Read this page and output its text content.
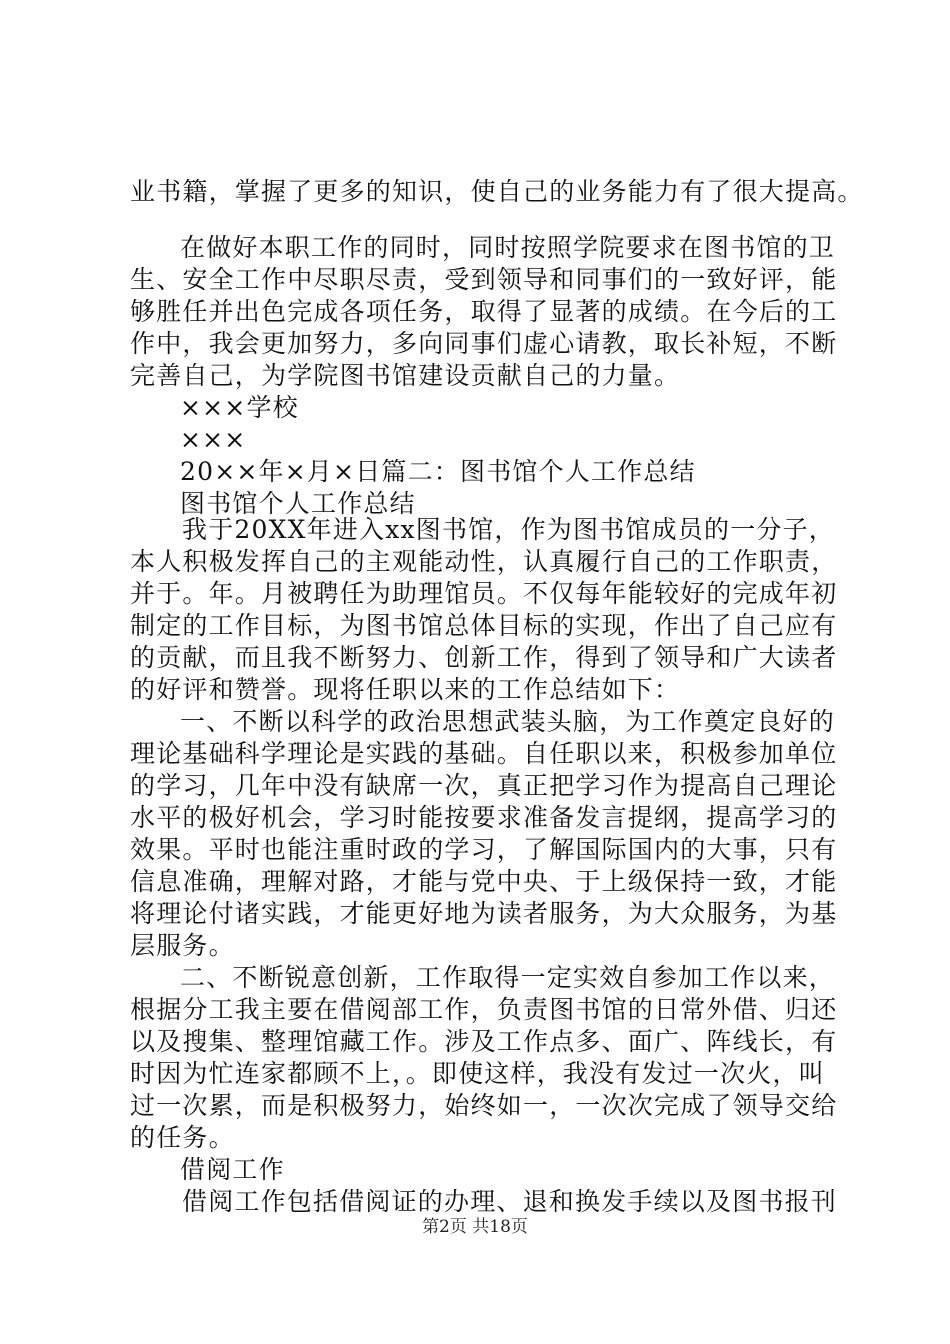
业书籍，掌握了更多的知识，使自己的业务能力有了很大提高。
在做好本职工作的同时，同时按照学院要求在图书馆的卫
生、安全工作中尽职尽责，受到领导和同事们的一致好评，能
够胜任并出色完成各项任务，取得了显著的成绩。在今后的工
作中，我会更加努力，多向同事们虚心请教，取长补短，不断
完善自己，为学院图书馆建设贡献自己的力量。
×××学校
×××
20××年×月×日篇二：图书馆个人工作总结
图书馆个人工作总结
我于20XX年进入xx图书馆，作为图书馆成员的一分子，
本人积极发挥自己的主观能动性，认真履行自己的工作职责，
并于。年。月被聘任为助理馆员。不仅每年能较好的完成年初
制定的工作目标，为图书馆总体目标的实现，作出了自己应有
的贡献，而且我不断努力、创新工作，得到了领导和广大读者
的好评和赞誉。现将任职以来的工作总结如下：
一、不断以科学的政治思想武装头脑，为工作奠定良好的
理论基础科学理论是实践的基础。自任职以来，积极参加单位
的学习，几年中没有缺席一次，真正把学习作为提高自己理论
水平的极好机会，学习时能按要求准备发言提纲，提高学习的
效果。平时也能注重时政的学习，了解国际国内的大事，只有
信息准确，理解对路，才能与党中央、于上级保持一致，才能
将理论付诸实践，才能更好地为读者服务，为大众服务，为基
层服务。
二、不断锐意创新，工作取得一定实效自参加工作以来，
根据分工我主要在借阅部工作，负责图书馆的日常外借、归还
以及搜集、整理馆藏工作。涉及工作点多、面广、阵线长，有
时因为忙连家都顾不上，。即使这样，我没有发过一次火，叫
过一次累，而是积极努力，始终如一，一次次完成了领导交给
的任务。
借阅工作
借阅工作包括借阅证的办理、退和换发手续以及图书报刊
第2页 共18页
